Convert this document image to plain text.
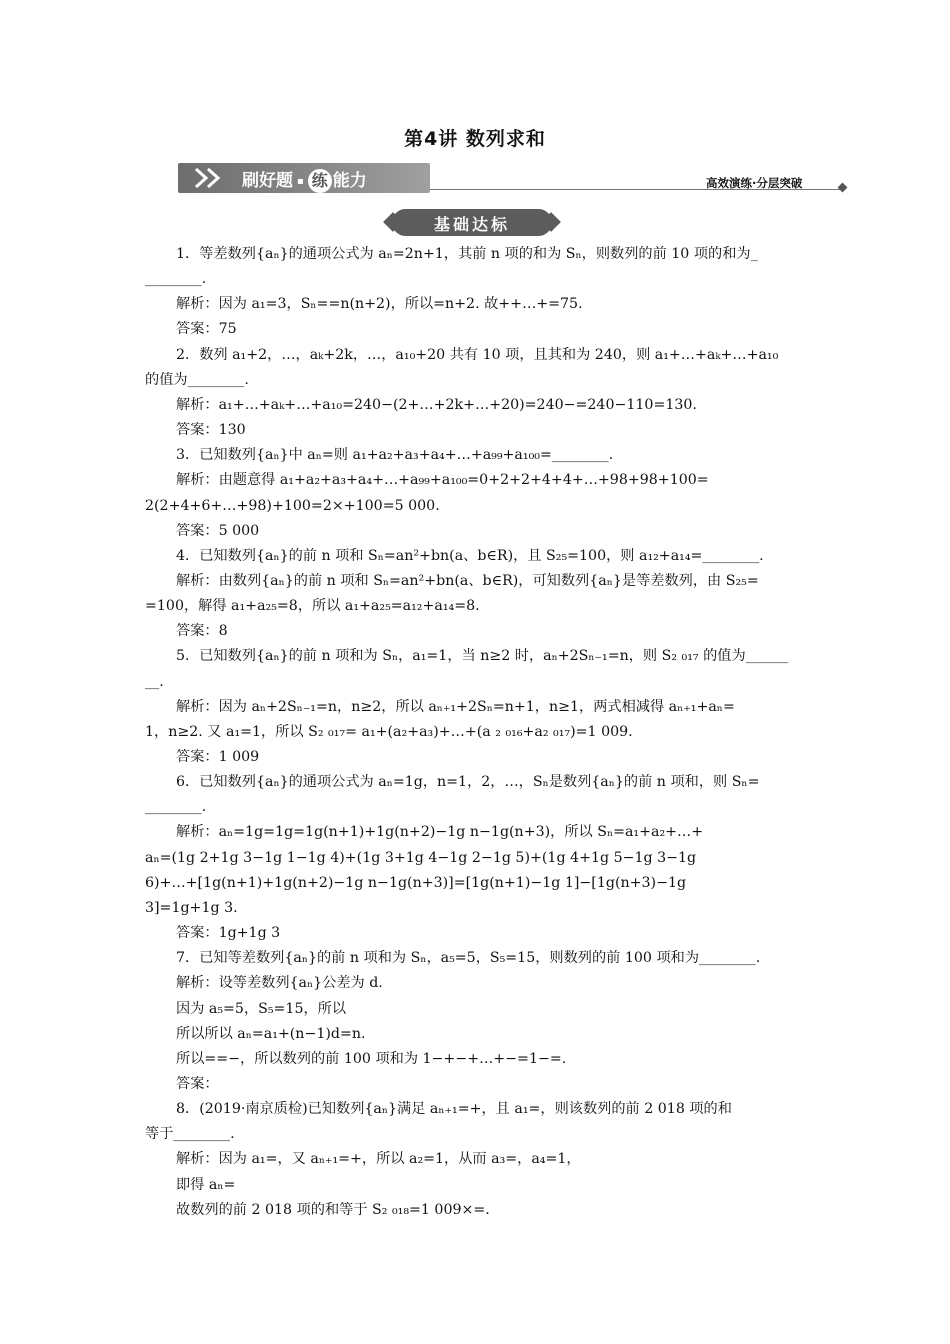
第4讲 数列求和
刷好题 ▪ 练 能力	高效演练·分层突破
基础达标
1．等差数列{aₙ}的通项公式为 aₙ=2n+1，其前 n 项的和为 Sₙ，则数列的前 10 项的和为_
________.
解析：因为 a₁=3，Sₙ==n(n+2)，所以=n+2. 故++…+=75.
答案：75
2．数列 a₁+2，…，aₖ+2k，…，a₁₀+20 共有 10 项，且其和为 240，则 a₁+…+aₖ+…+a₁₀
的值为________.
解析：a₁+…+aₖ+…+a₁₀=240−(2+…+2k+…+20)=240−=240−110=130.
答案：130
3．已知数列{aₙ}中 aₙ=则 a₁+a₂+a₃+a₄+…+a₉₉+a₁₀₀=________.
解析：由题意得 a₁+a₂+a₃+a₄+…+a₉₉+a₁₀₀=0+2+2+4+4+…+98+98+100=
2(2+4+6+…+98)+100=2×+100=5 000.
答案：5 000
4．已知数列{aₙ}的前 n 项和 Sₙ=an²+bn(a、b∈R)，且 S₂₅=100，则 a₁₂+a₁₄=________.
解析：由数列{aₙ}的前 n 项和 Sₙ=an²+bn(a、b∈R)，可知数列{aₙ}是等差数列，由 S₂₅=
=100，解得 a₁+a₂₅=8，所以 a₁+a₂₅=a₁₂+a₁₄=8.
答案：8
5．已知数列{aₙ}的前 n 项和为 Sₙ，a₁=1，当 n≥2 时，aₙ+2Sₙ₋₁=n，则 S₂ ₀₁₇ 的值为______
__.
解析：因为 aₙ+2Sₙ₋₁=n，n≥2，所以 aₙ₊₁+2Sₙ=n+1，n≥1，两式相减得 aₙ₊₁+aₙ=
1，n≥2. 又 a₁=1，所以 S₂ ₀₁₇= a₁+(a₂+a₃)+…+(a ₂ ₀₁₆+a₂ ₀₁₇)=1 009.
答案：1 009
6．已知数列{aₙ}的通项公式为 aₙ=1g，n=1，2，…，Sₙ是数列{aₙ}的前 n 项和，则 Sₙ=
________.
解析：aₙ=1g=1g=1g(n+1)+1g(n+2)−1g n−1g(n+3)，所以 Sₙ=a₁+a₂+…+
aₙ=(1g 2+1g 3−1g 1−1g 4)+(1g 3+1g 4−1g 2−1g 5)+(1g 4+1g 5−1g 3−1g
6)+…+[1g(n+1)+1g(n+2)−1g n−1g(n+3)]=[1g(n+1)−1g 1]−[1g(n+3)−1g
3]=1g+1g 3.
答案：1g+1g 3
7．已知等差数列{aₙ}的前 n 项和为 Sₙ，a₅=5，S₅=15，则数列的前 100 项和为________.
解析：设等差数列{aₙ}公差为 d.
因为 a₅=5，S₅=15，所以
所以所以 aₙ=a₁+(n−1)d=n.
所以==−，所以数列的前 100 项和为 1−+−+…+−=1−=.
答案：
8．(2019·南京质检)已知数列{aₙ}满足 aₙ₊₁=+，且 a₁=，则该数列的前 2 018 项的和
等于________.
解析：因为 a₁=，又 aₙ₊₁=+，所以 a₂=1，从而 a₃=，a₄=1，
即得 aₙ=
故数列的前 2 018 项的和等于 S₂ ₀₁₈=1 009×=.
